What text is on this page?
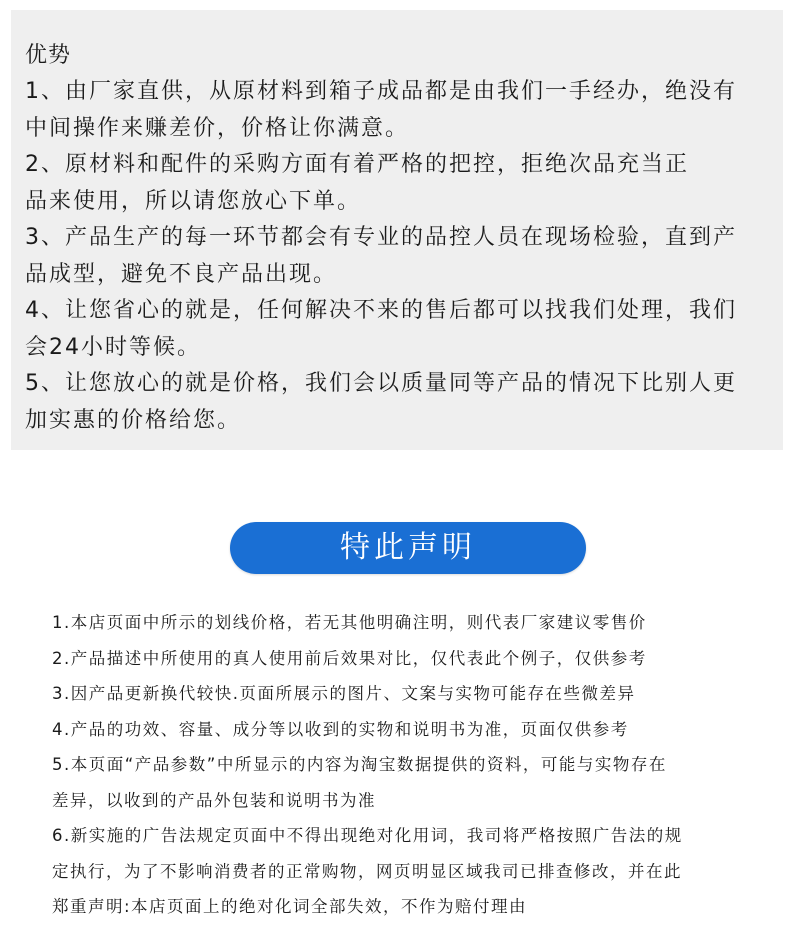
优势

1、由厂家直供，从原材料到箱子成品都是由我们一手经办，绝没有

中间操作来赚差价，价格让你满意。

2、原材料和配件的采购方面有着严格的把控，拒绝次品充当正

品来使用，所以请您放心下单。

3、产品生产的每一环节都会有专业的品控人员在现场检验，直到产

品成型，避免不良产品出现。

4、让您省心的就是，任何解决不来的售后都可以找我们处理，我们

会24小时等候。

5、让您放心的就是价格，我们会以质量同等产品的情况下比别人更

加实惠的价格给您。

特此声明

1.本店页面中所示的划线价格，若无其他明确注明，则代表厂家建议零售价

2.产品描述中所使用的真人使用前后效果对比，仅代表此个例子，仅供参考

3.因产品更新换代较快.页面所展示的图片、文案与实物可能存在些微差异

4.产品的功效、容量、成分等以收到的实物和说明书为准，页面仅供参考

5.本页面“产品参数”中所显示的内容为淘宝数据提供的资料，可能与实物存在

差异，以收到的产品外包装和说明书为准

6.新实施的广告法规定页面中不得出现绝对化用词，我司将严格按照广告法的规

定执行，为了不影响消费者的正常购物，网页明显区域我司已排查修改，并在此

郑重声明:本店页面上的绝对化词全部失效，不作为赔付理由
